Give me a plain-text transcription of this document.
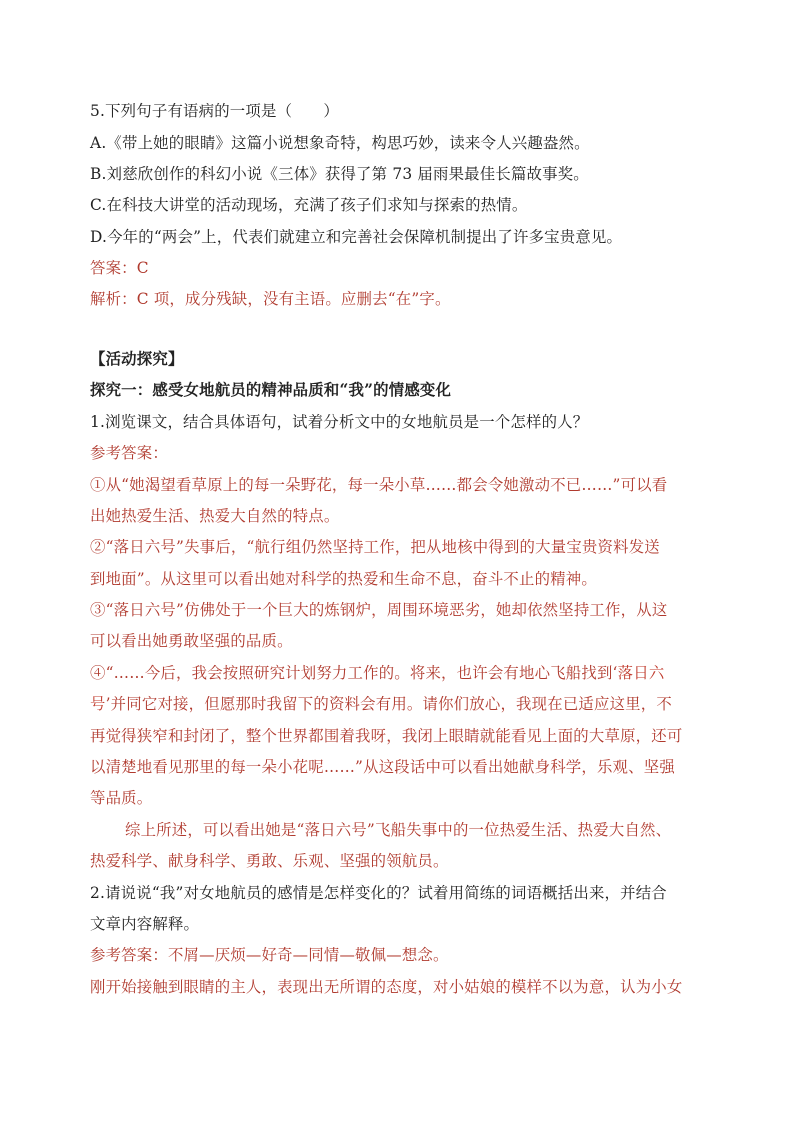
5.下列句子有语病的一项是（　　）
A.《带上她的眼睛》这篇小说想象奇特，构思巧妙，读来令人兴趣盎然。
B.刘慈欣创作的科幻小说《三体》获得了第 73 届雨果最佳长篇故事奖。
C.在科技大讲堂的活动现场，充满了孩子们求知与探索的热情。
D.今年的“两会”上，代表们就建立和完善社会保障机制提出了许多宝贵意见。
答案：C
解析：C 项，成分残缺，没有主语。应删去“在”字。
【活动探究】
探究一：感受女地航员的精神品质和“我”的情感变化
1.浏览课文，结合具体语句，试着分析文中的女地航员是一个怎样的人？
参考答案：
①从“她渴望看草原上的每一朵野花，每一朵小草……都会令她激动不已……”可以看
出她热爱生活、热爱大自然的特点。
②“落日六号”失事后，“航行组仍然坚持工作，把从地核中得到的大量宝贵资料发送
到地面”。从这里可以看出她对科学的热爱和生命不息，奋斗不止的精神。
③“落日六号”仿佛处于一个巨大的炼钢炉，周围环境恶劣，她却依然坚持工作，从这
可以看出她勇敢坚强的品质。
④“……今后，我会按照研究计划努力工作的。将来，也许会有地心飞船找到‘落日六
号’并同它对接，但愿那时我留下的资料会有用。请你们放心，我现在已适应这里，不
再觉得狭窄和封闭了，整个世界都围着我呀，我闭上眼睛就能看见上面的大草原，还可
以清楚地看见那里的每一朵小花呢……”从这段话中可以看出她献身科学，乐观、坚强
等品质。
综上所述，可以看出她是“落日六号”飞船失事中的一位热爱生活、热爱大自然、
热爱科学、献身科学、勇敢、乐观、坚强的领航员。
2.请说说“我”对女地航员的感情是怎样变化的？试着用简练的词语概括出来，并结合
文章内容解释。
参考答案：不屑—厌烦—好奇—同情—敬佩—想念。
刚开始接触到眼睛的主人，表现出无所谓的态度，对小姑娘的模样不以为意，认为小女
